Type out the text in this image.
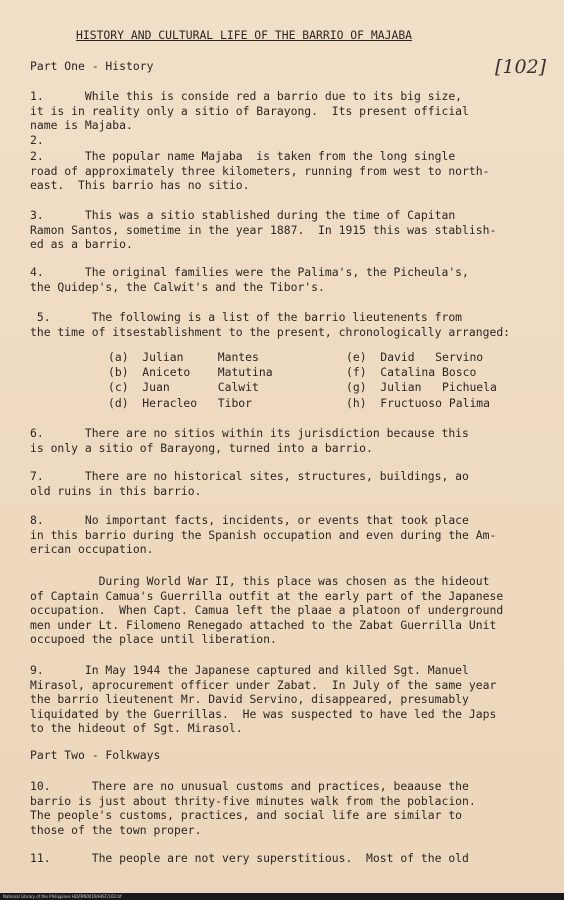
HISTORY AND CULTURAL LIFE OF THE BARRIO OF MAJABA
[102]
Part One - History
1.      While this is conside red a barrio due to its big size,
it is in reality only a sitio of Barayong.  Its present official
name is Majaba.
2.
2.      The popular name Majaba  is taken from the long single
road of approximately three kilometers, running from west to north-
east.  This barrio has no sitio.
3.      This was a sitio stablished during the time of Capitan
Ramon Santos, sometime in the year 1887.  In 1915 this was stablish-
ed as a barrio.
4.      The original families were the Palima's, the Picheula's,
the Quidep's, the Calwit's and the Tibor's.
5.      The following is a list of the barrio lieutenents from
the time of itsestablishment to the present, chronologically arranged:
(a)  Julian     Mantes
(b)  Aniceto    Matutina
(c)  Juan       Calwit
(d)  Heracleo   Tibor
(e)  David   Servino
(f)  Catalina Bosco
(g)  Julian   Pichuela
(h)  Fructuoso Palima
6.      There are no sitios within its jurisdiction because this
is only a sitio of Barayong, turned into a barrio.
7.      There are no historical sites, structures, buildings, ao
old ruins in this barrio.
8.      No important facts, incidents, or events that took place
in this barrio during the Spanish occupation and even during the Am-
erican occupation.
During World War II, this place was chosen as the hideout
of Captain Camua's Guerrilla outfit at the early part of the Japanese
occupation.  When Capt. Camua left the plaae a platoon of underground
men under Lt. Filomeno Renegado attached to the Zabat Guerrilla Unit
occupoed the place until liberation.
9.      In May 1944 the Japanese captured and killed Sgt. Manuel
Mirasol, aprocurement officer under Zabat.  In July of the same year
the barrio lieutenent Mr. David Servino, disappeared, presumably
liquidated by the Guerrillas.  He was suspected to have led the Japs
to the hideout of Sgt. Mirasol.
Part Two - Folkways
10.      There are no unusual customs and practices, beaause the
barrio is just about thrity-five minutes walk from the poblacion.
The people's customs, practices, and social life are similar to
those of the town proper.
11.      The people are not very superstitious.  Most of the old
National Library of the Philippines HD/IRN0019/HIST/102.tif
